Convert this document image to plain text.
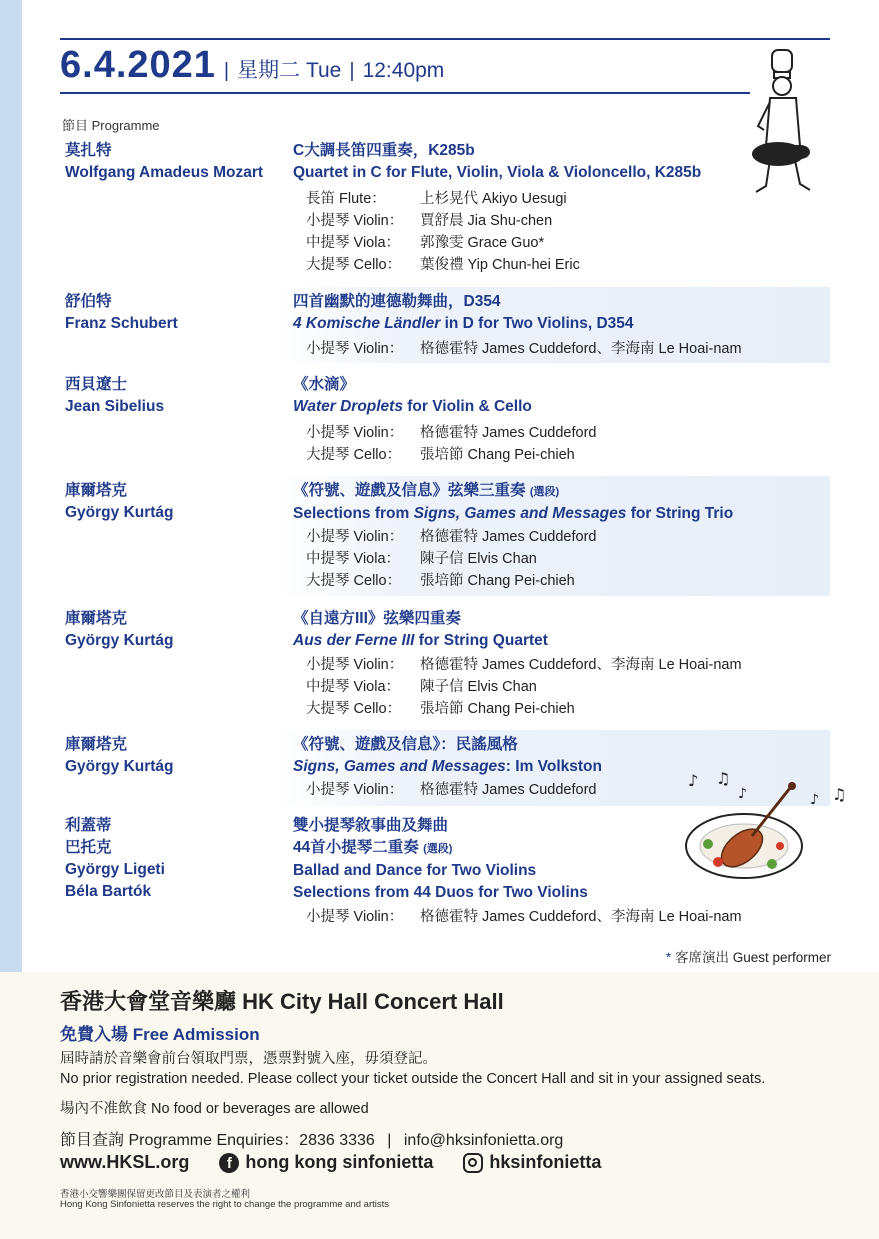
6.4.2021 | 星期二 Tue | 12:40pm
節目 Programme
莫扎特
Wolfgang Amadeus Mozart
C大調長笛四重奏，K285b
Quartet in C for Flute, Violin, Viola & Violoncello, K285b
長笛 Flute： 上杉晃代 Akiyo Uesugi
小提琴 Violin： 賈舒晨 Jia Shu-chen
中提琴 Viola： 郭豫雯 Grace Guo*
大提琴 Cello： 葉俊禮 Yip Chun-hei Eric
舒伯特
Franz Schubert
四首幽默的連德勒舞曲，D354
4 Komische Ländler in D for Two Violins, D354
小提琴 Violin： 格德霍特 James Cuddeford、李海南 Le Hoai-nam
西貝遼士
Jean Sibelius
《水滴》
Water Droplets for Violin & Cello
小提琴 Violin： 格德霍特 James Cuddeford
大提琴 Cello： 張培節 Chang Pei-chieh
庫爾塔克
György Kurtág
《符號、遊戲及信息》弦樂三重奏 (選段)
Selections from Signs, Games and Messages for String Trio
小提琴 Violin： 格德霍特 James Cuddeford
中提琴 Viola： 陳子信 Elvis Chan
大提琴 Cello： 張培節 Chang Pei-chieh
庫爾塔克
György Kurtág
《自遠方III》弦樂四重奏
Aus der Ferne III for String Quartet
小提琴 Violin： 格德霍特 James Cuddeford、李海南 Le Hoai-nam
中提琴 Viola： 陳子信 Elvis Chan
大提琴 Cello： 張培節 Chang Pei-chieh
庫爾塔克
György Kurtág
《符號、遊戲及信息》：民謠風格
Signs, Games and Messages: Im Volkston
小提琴 Violin： 格德霍特 James Cuddeford
利蓋蒂
巴托克
György Ligeti
Béla Bartók
雙小提琴敘事曲及舞曲
44首小提琴二重奏 (選段)
Ballad and Dance for Two Violins
Selections from 44 Duos for Two Violins
小提琴 Violin： 格德霍特 James Cuddeford、李海南 Le Hoai-nam
♪ ♫
♪	♪ ♫
* 客席演出 Guest performer
香港大會堂音樂廳 HK City Hall Concert Hall
免費入場 Free Admission
屆時請於音樂會前台領取門票，憑票對號入座，毋須登記。
No prior registration needed. Please collect your ticket outside the Concert Hall and sit in your assigned seats.
場內不准飲食 No food or beverages are allowed
節目查詢 Programme Enquiries：2836 3336 | info@hksinfonietta.org
www.HKSL.org	f hong kong sinfonietta	hksinfonietta
香港小交響樂團保留更改節目及表演者之權利
Hong Kong Sinfonietta reserves the right to change the programme and artists
